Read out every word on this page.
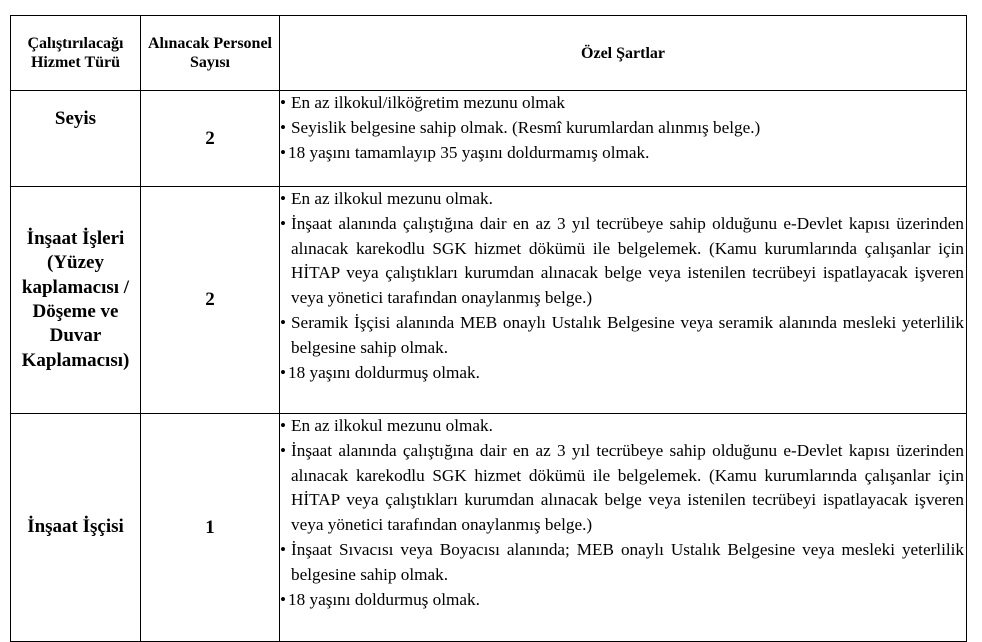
Çalıştırılacağı Hizmet Türü	Alınacak Personel Sayısı	Özel Şartlar
Seyis	2	• En az ilkokul/ilköğretim mezunu olmak
• Seyislik belgesine sahip olmak. (Resmî kurumlardan alınmış belge.)
• 18 yaşını tamamlayıp 35 yaşını doldurmamış olmak.

İnşaat İşleri (Yüzey kaplamacısı / Döşeme ve Duvar Kaplamacısı)	2	• En az ilkokul mezunu olmak.
• İnşaat alanında çalıştığına dair en az 3 yıl tecrübeye sahip olduğunu e-Devlet kapısı üzerinden alınacak karekodlu SGK hizmet dökümü ile belgelemek. (Kamu kurumlarında çalışanlar için HİTAP veya çalıştıkları kurumdan alınacak belge veya istenilen tecrübeyi ispatlayacak işveren veya yönetici tarafından onaylanmış belge.)
• Seramik İşçisi alanında MEB onaylı Ustalık Belgesine veya seramik alanında mesleki yeterlilik belgesine sahip olmak.
• 18 yaşını doldurmuş olmak.

İnşaat İşçisi	1	• En az ilkokul mezunu olmak.
• İnşaat alanında çalıştığına dair en az 3 yıl tecrübeye sahip olduğunu e-Devlet kapısı üzerinden alınacak karekodlu SGK hizmet dökümü ile belgelemek. (Kamu kurumlarında çalışanlar için HİTAP veya çalıştıkları kurumdan alınacak belge veya istenilen tecrübeyi ispatlayacak işveren veya yönetici tarafından onaylanmış belge.)
• İnşaat Sıvacısı veya Boyacısı alanında; MEB onaylı Ustalık Belgesine veya mesleki yeterlilik belgesine sahip olmak.
• 18 yaşını doldurmuş olmak.
